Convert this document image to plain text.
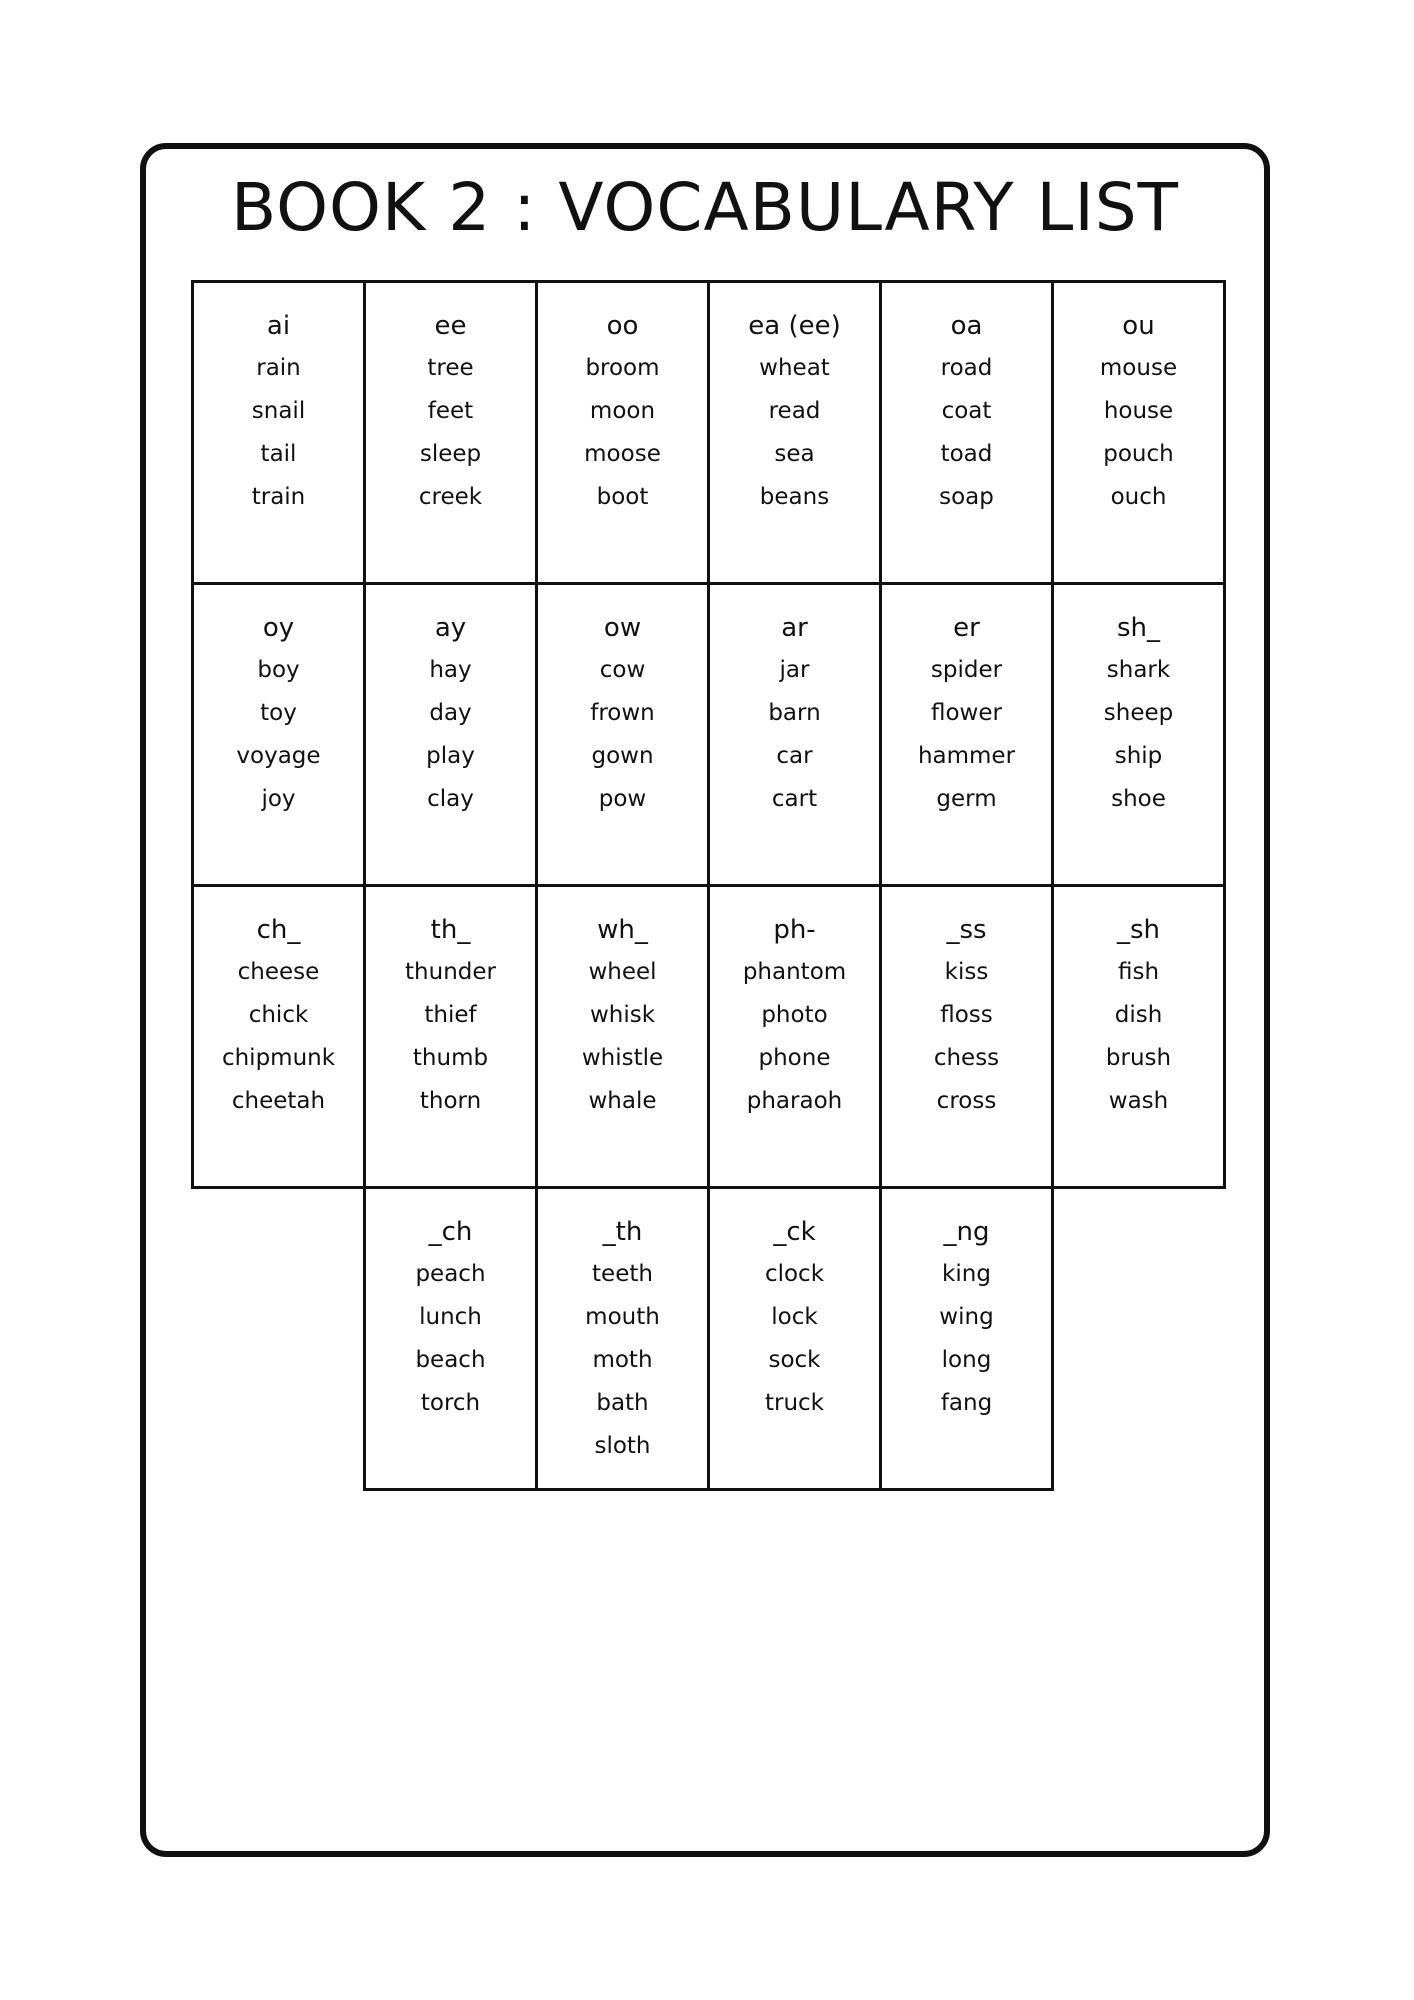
BOOK 2 : VOCABULARY LIST
ai
rain
snail
tail
train
ee
tree
feet
sleep
creek
oo
broom
moon
moose
boot
ea (ee)
wheat
read
sea
beans
oa
road
coat
toad
soap
ou
mouse
house
pouch
ouch
oy
boy
toy
voyage
joy
ay
hay
day
play
clay
ow
cow
frown
gown
pow
ar
jar
barn
car
cart
er
spider
flower
hammer
germ
sh_
shark
sheep
ship
shoe
ch_
cheese
chick
chipmunk
cheetah
th_
thunder
thief
thumb
thorn
wh_
wheel
whisk
whistle
whale
ph-
phantom
photo
phone
pharaoh
_ss
kiss
floss
chess
cross
_sh
fish
dish
brush
wash
_ch
peach
lunch
beach
torch
_th
teeth
mouth
moth
bath
sloth
_ck
clock
lock
sock
truck
_ng
king
wing
long
fang
